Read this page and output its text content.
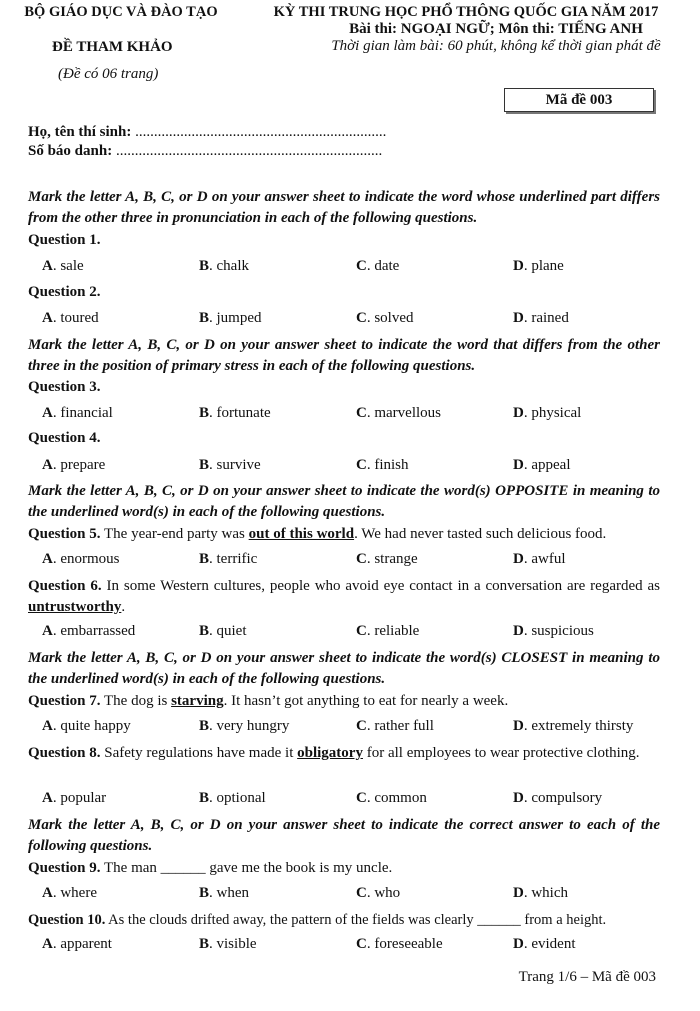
BỘ GIÁO DỤC VÀ ĐÀO TẠO	KỲ THI TRUNG HỌC PHỔ THÔNG QUỐC GIA NĂM 2017
Bài thi: NGOẠI NGỮ; Môn thi: TIẾNG ANH
Thời gian làm bài: 60 phút, không kể thời gian phát đề
ĐỀ THAM KHẢO
(Đề có 06 trang)
Mã đề 003
Họ, tên thí sinh: ...................................................................
Số báo danh: .......................................................................
Mark the letter A, B, C, or D on your answer sheet to indicate the word whose underlined part differs from the other three in pronunciation in each of the following questions.
Question 1.
A. sale	B. chalk	C. date	D. plane
Question 2.
A. toured	B. jumped	C. solved	D. rained
Mark the letter A, B, C, or D on your answer sheet to indicate the word that differs from the other three in the position of primary stress in each of the following questions.
Question 3.
A. financial	B. fortunate	C. marvellous	D. physical
Question 4.
A. prepare	B. survive	C. finish	D. appeal
Mark the letter A, B, C, or D on your answer sheet to indicate the word(s) OPPOSITE in meaning to the underlined word(s) in each of the following questions.
Question 5. The year-end party was out of this world. We had never tasted such delicious food.
A. enormous	B. terrific	C. strange	D. awful
Question 6. In some Western cultures, people who avoid eye contact in a conversation are regarded as untrustworthy.
A. embarrassed	B. quiet	C. reliable	D. suspicious
Mark the letter A, B, C, or D on your answer sheet to indicate the word(s) CLOSEST in meaning to the underlined word(s) in each of the following questions.
Question 7. The dog is starving. It hasn’t got anything to eat for nearly a week.
A. quite happy	B. very hungry	C. rather full	D. extremely thirsty
Question 8. Safety regulations have made it obligatory for all employees to wear protective clothing.
A. popular	B. optional	C. common	D. compulsory
Mark the letter A, B, C, or D on your answer sheet to indicate the correct answer to each of the following questions.
Question 9. The man ______ gave me the book is my uncle.
A. where	B. when	C. who	D. which
Question 10. As the clouds drifted away, the pattern of the fields was clearly ______ from a height.
A. apparent	B. visible	C. foreseeable	D. evident
Trang 1/6 – Mã đề 003
